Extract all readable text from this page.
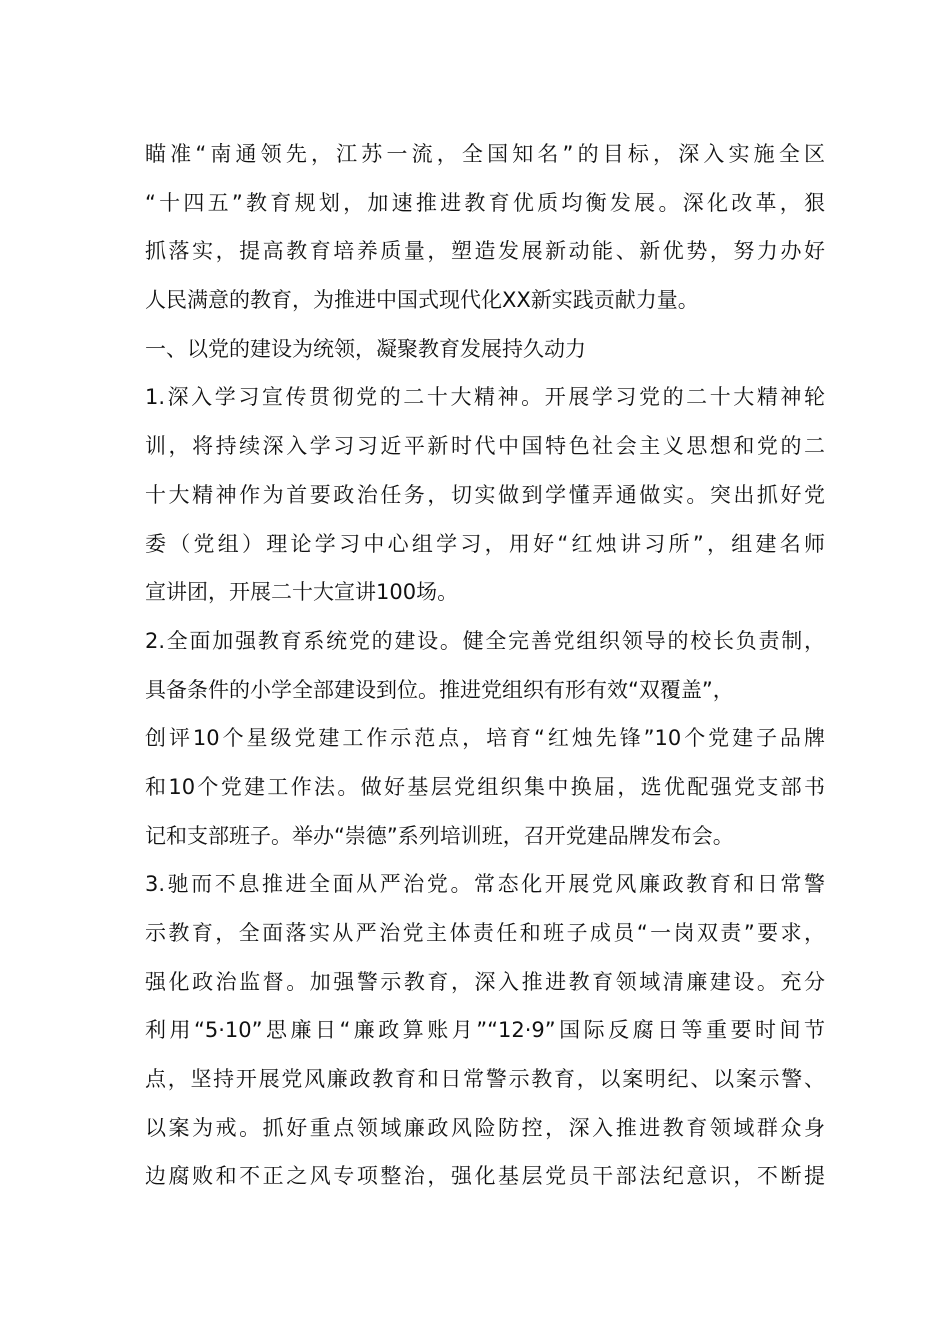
瞄准“南通领先，江苏一流，全国知名”的目标，深入实施全区
“十四五”教育规划，加速推进教育优质均衡发展。深化改革，狠
抓落实，提高教育培养质量，塑造发展新动能、新优势，努力办好
人民满意的教育，为推进中国式现代化XX新实践贡献力量。
一、以党的建设为统领，凝聚教育发展持久动力
1.深入学习宣传贯彻党的二十大精神。开展学习党的二十大精神轮
训，将持续深入学习习近平新时代中国特色社会主义思想和党的二
十大精神作为首要政治任务，切实做到学懂弄通做实。突出抓好党
委（党组）理论学习中心组学习，用好“红烛讲习所”，组建名师
宣讲团，开展二十大宣讲100场。
2.全面加强教育系统党的建设。健全完善党组织领导的校长负责制，
具备条件的小学全部建设到位。推进党组织有形有效“双覆盖”，
创评10个星级党建工作示范点，培育“红烛先锋”10个党建子品牌
和10个党建工作法。做好基层党组织集中换届，选优配强党支部书
记和支部班子。举办“崇德”系列培训班，召开党建品牌发布会。
3.驰而不息推进全面从严治党。常态化开展党风廉政教育和日常警
示教育，全面落实从严治党主体责任和班子成员“一岗双责”要求，
强化政治监督。加强警示教育，深入推进教育领域清廉建设。充分
利用“5·10”思廉日“廉政算账月”“12·9”国际反腐日等重要时间节
点，坚持开展党风廉政教育和日常警示教育，以案明纪、以案示警、
以案为戒。抓好重点领域廉政风险防控，深入推进教育领域群众身
边腐败和不正之风专项整治，强化基层党员干部法纪意识，不断提
